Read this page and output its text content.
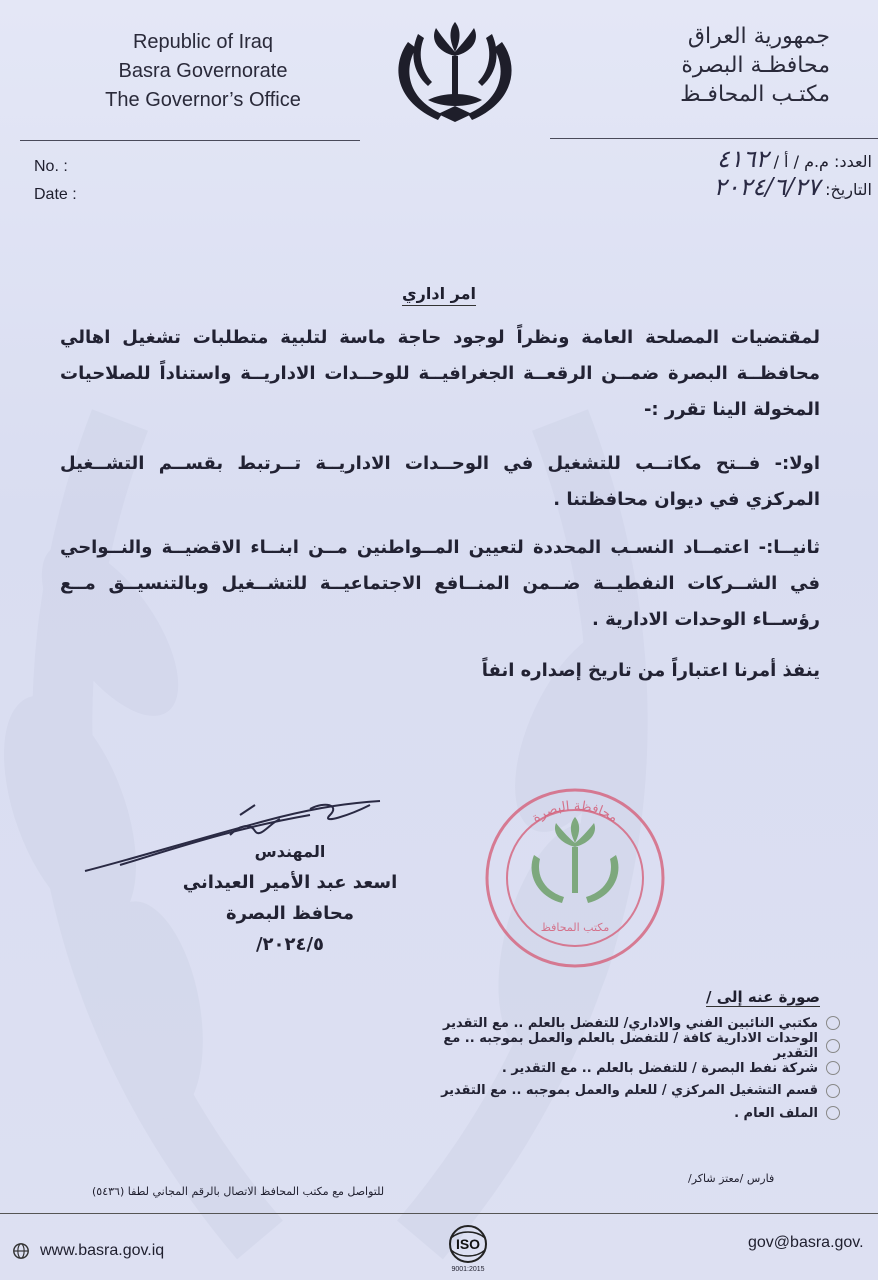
Republic of Iraq
Basra Governorate
The Governor’s Office
جمهورية العراق
محافظـة البصرة
مكتـب المحافـظ
No. :
Date :
العدد: م.م / أ / ٤١٦٢
التاريخ: ٢٠٢٤/٦/٢٧
امر اداري
لمقتضيات المصلحة العامة ونظراً لوجود حاجة ماسة لتلبية متطلبات تشغيل اهالي محافظــة البصرة ضمــن الرقعــة الجغرافيــة للوحــدات الاداريــة واستناداً للصلاحيات المخولة الينا تقرر :-
اولا:- فــتح مكاتــب للتشغيل في الوحــدات الاداريــة تــرتبط بقســم التشــغيل المركزي في ديوان محافظتنا .
ثانيــا:- اعتمــاد النسـب المحددة لتعيين المــواطنين مــن ابنــاء الاقضيــة والنــواحي في الشــركات النفطيــة ضــمن المنــافع الاجتماعيــة للتشــغيل وبالتنسيــق مــع رؤســاء الوحدات الادارية .
ينفذ أمرنا اعتباراً من تاريخ إصداره انفاً
المهندس
اسعد عبد الأمير العيداني
محافظ البصرة
٢٠٢٤/٥/
محافظة البصرة
مكتب المحافظ
صورة عنه إلى /
مكتبي النائبين الفني والاداري/ للتفضل بالعلم .. مع التقدير
الوحدات الادارية كافة / للتفضل بالعلم والعمل بموجبه .. مع التقدير
شركة نفط البصرة / للتفضل بالعلم .. مع التقدير .
قسم التشغيل المركزي / للعلم والعمل بموجبه .. مع التقدير
الملف العام .
فارس /معتز شاكر/
للتواصل مع مكتب المحافظ الاتصال بالرقم المجاني لطفا (٥٤٣٦)
www.basra.gov.iq	ISO
9001:2015
gov@basra.gov.
